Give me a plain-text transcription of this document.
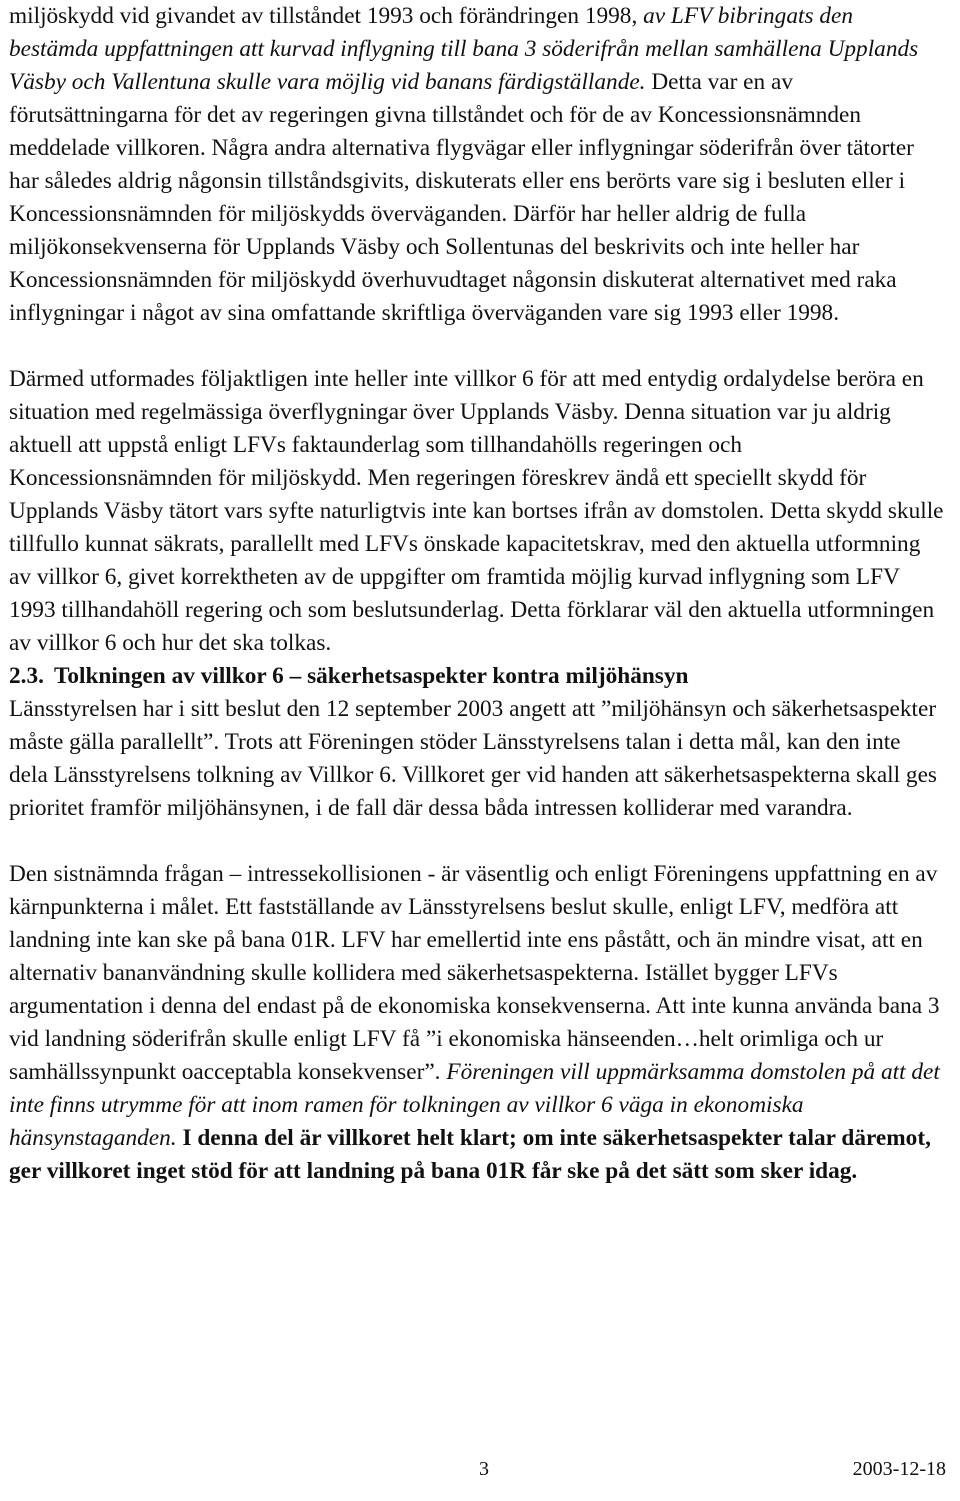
miljöskydd vid givandet av tillståndet 1993 och förändringen 1998, av LFV bibringats den bestämda uppfattningen att kurvad inflygning till bana 3 söderifrån mellan samhällena Upplands Väsby och Vallentuna skulle vara möjlig vid banans färdigställande. Detta var en av förutsättningarna för det av regeringen givna tillståndet och för de av Koncessionsnämnden meddelade villkoren. Några andra alternativa flygvägar eller inflygningar söderifrån över tätorter har således aldrig någonsin tillståndsgivits, diskuterats eller ens berörts vare sig i besluten eller i Koncessionsnämnden för miljöskydds överväganden. Därför har heller aldrig de fulla miljökonsekvenserna för Upplands Väsby och Sollentunas del beskrivits och inte heller har Koncessionsnämnden för miljöskydd överhuvudtaget någonsin diskuterat alternativet med raka inflygningar i något av sina omfattande skriftliga överväganden vare sig 1993 eller 1998.

Därmed utformades följaktligen inte heller inte villkor 6 för att med entydig ordalydelse beröra en situation med regelmässiga överflygningar över Upplands Väsby. Denna situation var ju aldrig aktuell att uppstå enligt LFVs faktaunderlag som tillhandahölls regeringen och Koncessionsnämnden för miljöskydd. Men regeringen föreskrev ändå ett speciellt skydd för Upplands Väsby tätort vars syfte naturligtvis inte kan bortses ifrån av domstolen. Detta skydd skulle tillfullo kunnat säkrats, parallellt med LFVs önskade kapacitetskrav, med den aktuella utformning av villkor 6, givet korrektheten av de uppgifter om framtida möjlig kurvad inflygning som LFV 1993 tillhandahöll regering och som beslutsunderlag. Detta förklarar väl den aktuella utformningen av villkor 6 och hur det ska tolkas.

2.3. Tolkningen av villkor 6 – säkerhetsaspekter kontra miljöhänsyn

Länsstyrelsen har i sitt beslut den 12 september 2003 angett att ”miljöhänsyn och säkerhetsaspekter måste gälla parallellt”. Trots att Föreningen stöder Länsstyrelsens talan i detta mål, kan den inte dela Länsstyrelsens tolkning av Villkor 6. Villkoret ger vid handen att säkerhetsaspekterna skall ges prioritet framför miljöhänsynen, i de fall där dessa båda intressen kolliderar med varandra.

Den sistnämnda frågan – intressekollisionen - är väsentlig och enligt Föreningens uppfattning en av kärnpunkterna i målet. Ett fastställande av Länsstyrelsens beslut skulle, enligt LFV, medföra att landning inte kan ske på bana 01R. LFV har emellertid inte ens påstått, och än mindre visat, att en alternativ bananvändning skulle kollidera med säkerhetsaspekterna. Istället bygger LFVs argumentation i denna del endast på de ekonomiska konsekvenserna. Att inte kunna använda bana 3 vid landning söderifrån skulle enligt LFV få ”i ekonomiska hänseenden…helt orimliga och ur samhällssynpunkt oacceptabla konsekvenser”. Föreningen vill uppmärksamma domstolen på att det inte finns utrymme för att inom ramen för tolkningen av villkor 6 väga in ekonomiska hänsynstaganden. I denna del är villkoret helt klart; om inte säkerhetsaspekter talar däremot, ger villkoret inget stöd för att landning på bana 01R får ske på det sätt som sker idag.

3	2003-12-18
